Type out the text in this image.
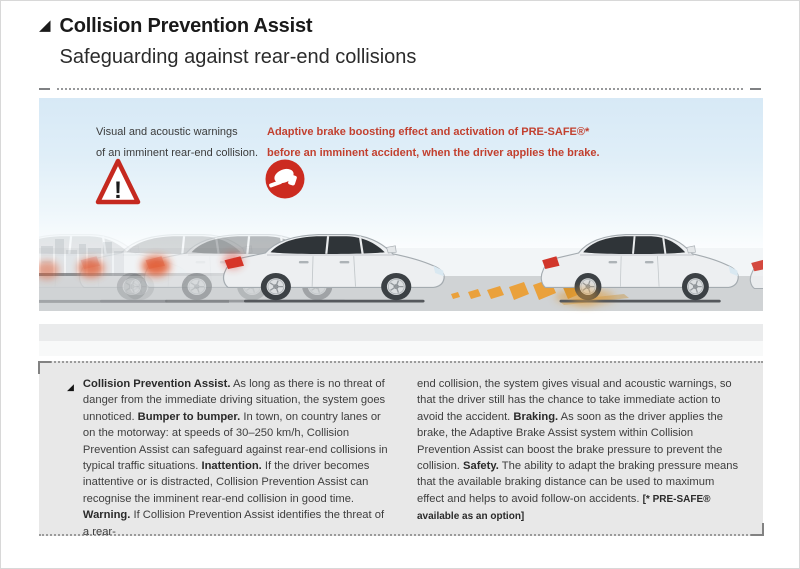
◢ Collision Prevention Assist
Safeguarding against rear-end collisions
Visual and acoustic warnings
of an imminent rear-end collision.
Adaptive brake boosting effect and activation of PRE-SAFE®*
before an imminent accident, when the driver applies the brake.
!
◢ Collision Prevention Assist. As long as there is no threat of danger from the immediate driving situation, the system goes unnoticed. Bumper to bumper. In town, on country lanes or on the motorway: at speeds of 30–250 km/h, Collision Prevention Assist can safeguard against rear-end collisions in typical traffic situations. Inattention. If the driver becomes inattentive or is distracted, Collision Prevention Assist can recognise the imminent rear-end collision in good time. Warning. If Collision Prevention Assist identifies the threat of a rear-
end collision, the system gives visual and acoustic warnings, so that the driver still has the chance to take immediate action to avoid the accident. Braking. As soon as the driver applies the brake, the Adaptive Brake Assist system within Collision Prevention Assist can boost the brake pressure to prevent the collision. Safety. The ability to adapt the braking pressure means that the available braking distance can be used to maximum effect and helps to avoid follow-on accidents. [* PRE-SAFE® available as an option]
